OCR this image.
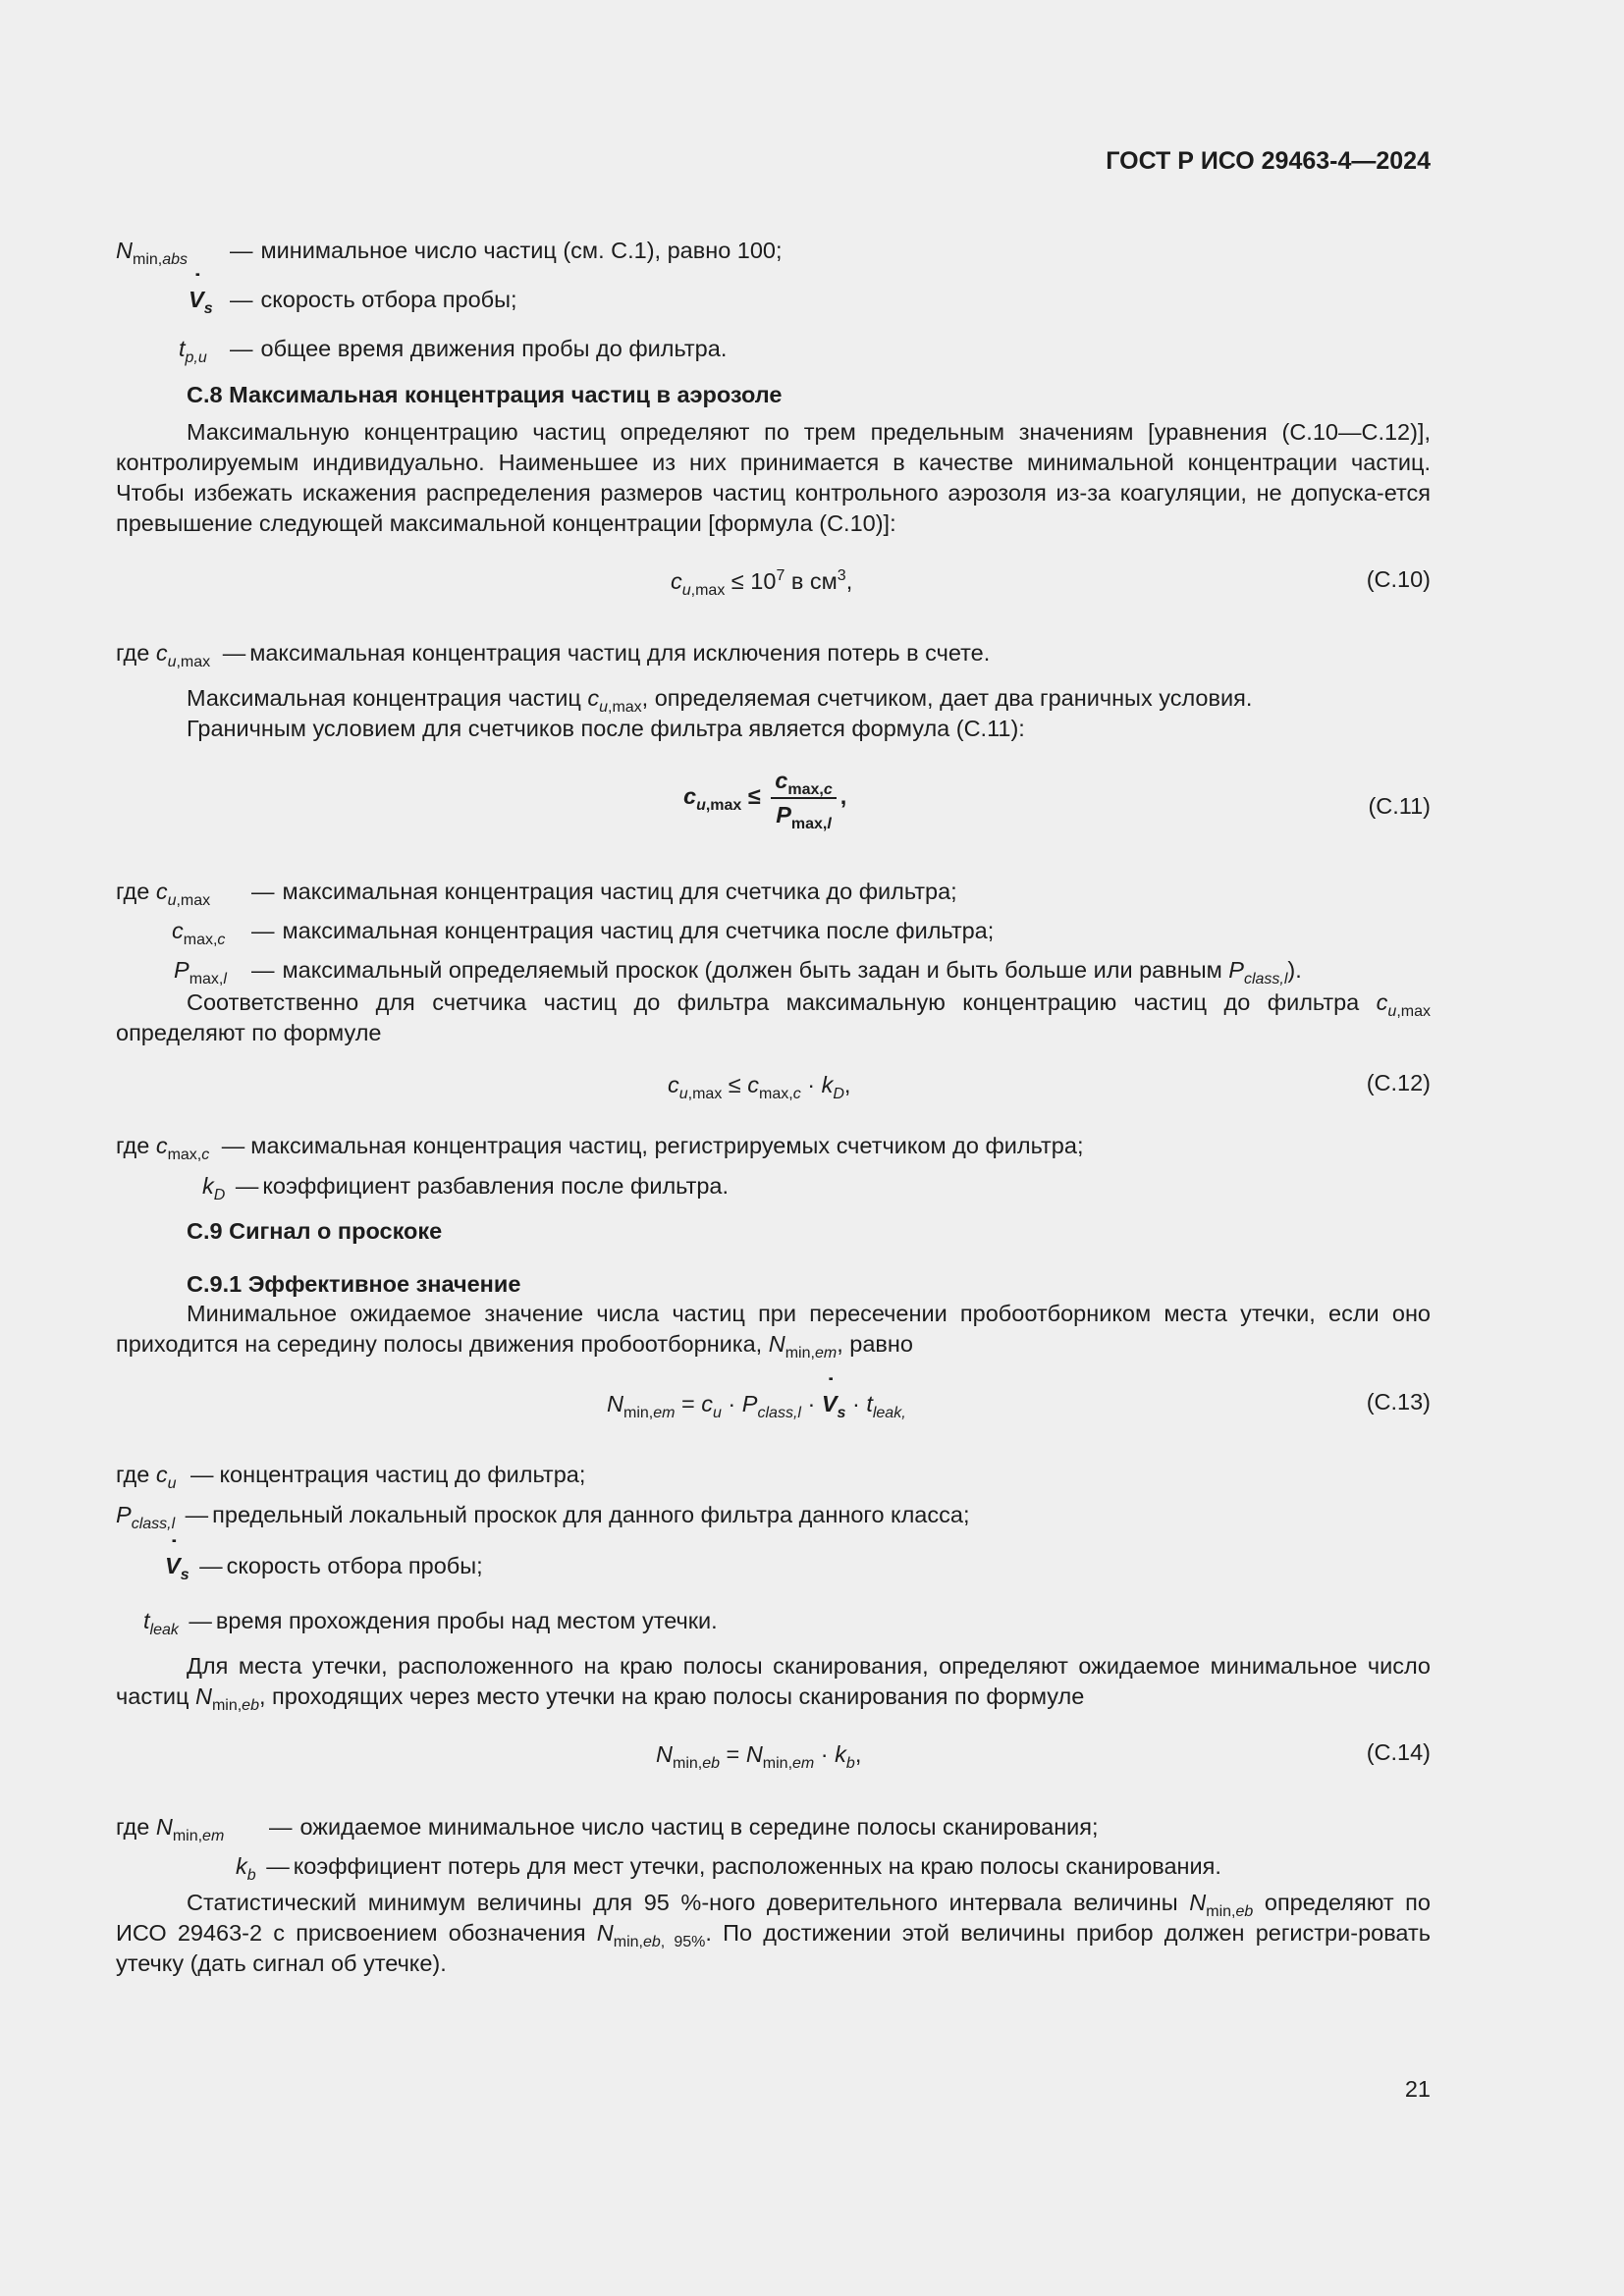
ГОСТ Р ИСО 29463-4—2024
$N_{min,abs}$	— минимальное число частиц (см. С.1), равно 100;
˙ $V_s$ — скорость отбора пробы;
$t_{p,u}$ — общее время движения пробы до фильтра.
С.8 Максимальная концентрация частиц в аэрозоле

Максимальную концентрацию частиц определяют по трем предельным значениям [уравнения (С.10—С.12)], контролируемым индивидуально. Наименьшее из них принимается в качестве минимальной концентрации частиц. Чтобы избежать искажения распределения размеров частиц контрольного аэрозоля из-за коагуляции, не допуска-ется превышение следующей максимальной концентрации [формула (С.10)]:

$c_{u,max} \le 10^7$ в $см^3$,	(С.10)
где $c_{u,max}$ — максимальная концентрация частиц для исключения потерь в счете.
Максимальная концентрация частиц $c_{u,max}$, определяемая счетчиком, дает два граничных условия.
Граничным условием для счетчиков после фильтра является формула (С.11):
$c_{u,max} \le \frac{c_{max,c}}{P_{max,l}}$ ,	(С.11)
где $c_{u,max}$	— максимальная концентрация частиц для счетчика до фильтра;
$c_{max,c}$	— максимальная концентрация частиц для счетчика после фильтра;
$P_{max,l}$	— максимальный определяемый проскок (должен быть задан и быть больше или равным $P_{class,l}$).

Соответственно для счетчика частиц до фильтра максимальную концентрацию частиц до фильтра $c_{u,max}$

определяют по формуле

$c_{u,max} \le c_{max,c} \cdot k_D$,	(С.12)
где $c_{max,c}$ — максимальная концентрация частиц, регистрируемых счетчиком до фильтра;
$k_D$ — коэффициент разбавления после фильтра.
С.9 Сигнал о проскоке
С.9.1 Эффективное значение

Минимальное ожидаемое значение числа частиц при пересечении пробоотборником места утечки, если оно приходится на середину полосы движения пробоотборника, $N_{min,em}$, равно

$N_{min,em} = c_u \cdot P_{class,l}$ · ˙ $V_s \cdot t_{leak,}$	(С.13)
где $c_u$ — концентрация частиц до фильтра;
$P_{class,l}$ — предельный локальный проскок для данного фильтра данного класса;
˙ $V_s$ — скорость отбора пробы;
$t_{leak}$ — время прохождения пробы над местом утечки.

Для места утечки, расположенного на краю полосы сканирования, определяют ожидаемое минимальное число частиц $N_{min,eb}$, проходящих через место утечки на краю полосы сканирования по формуле

$N_{min,eb} = N_{min,em} \cdot k_b$,	(С.14)
где $N_{min,em}$	— ожидаемое минимальное число частиц в середине полосы сканирования;
$k_b$ — коэффициент потерь для мест утечки, расположенных на краю полосы сканирования.

Статистический минимум величины для 95 %-ного доверительного интервала величины $N_{min,eb}$ определяют по ИСО 29463-2 с присвоением обозначения $N_{min,eb, 95\%}$. По достижении этой величины прибор должен регистри-ровать утечку (дать сигнал об утечке).

21
